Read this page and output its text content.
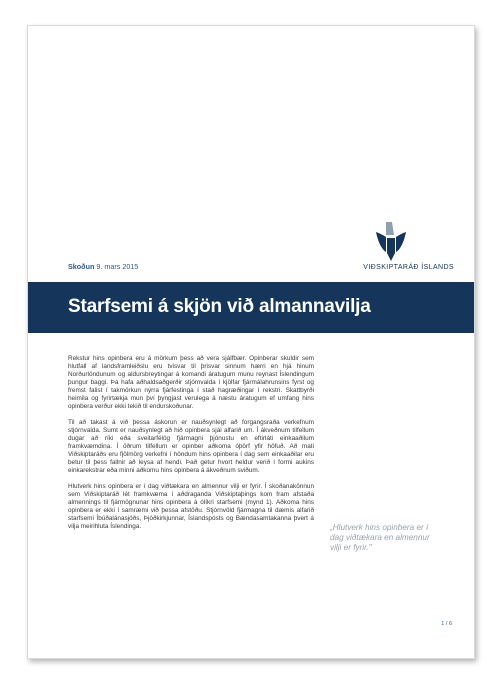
VIÐSKIPTARÁÐ ÍSLANDS
Skoðun 9. mars 2015
Starfsemi á skjön við almannavilja

Rekstur hins opinbera eru á mörkum þess að vera sjálfbær. Opinberar skuldir sem hlutfall af landsframleiðslu eru tvisvar til þrisvar sinnum hærri en hjá hinum Norðurlöndunum og aldursbreytingar á komandi áratugum munu reynast Íslendingum þungur baggi. Þá hafa aðhaldsaðgerðir stjórnvalda í kjölfar fjármálahrunsins fyrst og fremst falist í takmörkun nýrra fjárfestinga í stað hagræðingar í rekstri. Skattbyrði heimila og fyrirtækja mun því þyngjast verulega á næstu áratugum ef umfang hins opinbera verður ekki tekið til endurskoðunar.

Til að takast á við þessa áskorun er nauðsynlegt að forgangsraða verkefnum stjórnvalda. Sumt er nauðsynlegt að hið opinbera sjái alfarið um. Í ákveðnum tilfellum dugar að ríki eða sveitarfélög fjármagni þjónustu en eftirláti einkaaðilum framkvæmdina. Í öðrum tilfellum er opinber aðkoma óþörf yfir höfuð. Að mati Viðskiptaráðs eru fjölmörg verkefni í höndum hins opinbera í dag sem einkaaðilar eru betur til þess fallnir að leysa af hendi. Það getur hvort heldur verið í formi aukins einkarekstrar eða minni aðkomu hins opinbera á ákveðnum sviðum.

Hlutverk hins opinbera er í dag viðtækara en almennur vilji er fyrir. Í skoðanakönnun sem Viðskiptaráð lét framkvæma í aðdraganda Viðskiptaþings kom fram afstaða almennings til fjármögnunar hins opinbera á ólíkri starfsemi (mynd 1). Aðkoma hins opinbera er ekki í samræmi við þessa afstöðu. Stjórnvöld fjármagna til dæmis alfarið starfsemi Íbúðalánasjóðs, Þjóðkirkjunnar, Íslandspósts og Bændasamtakanna þvert á vilja meirihluta Íslendinga.	„Hlutverk hins opinbera er í dag viðtækara en almennur vilji er fyrir."
1 / 6
